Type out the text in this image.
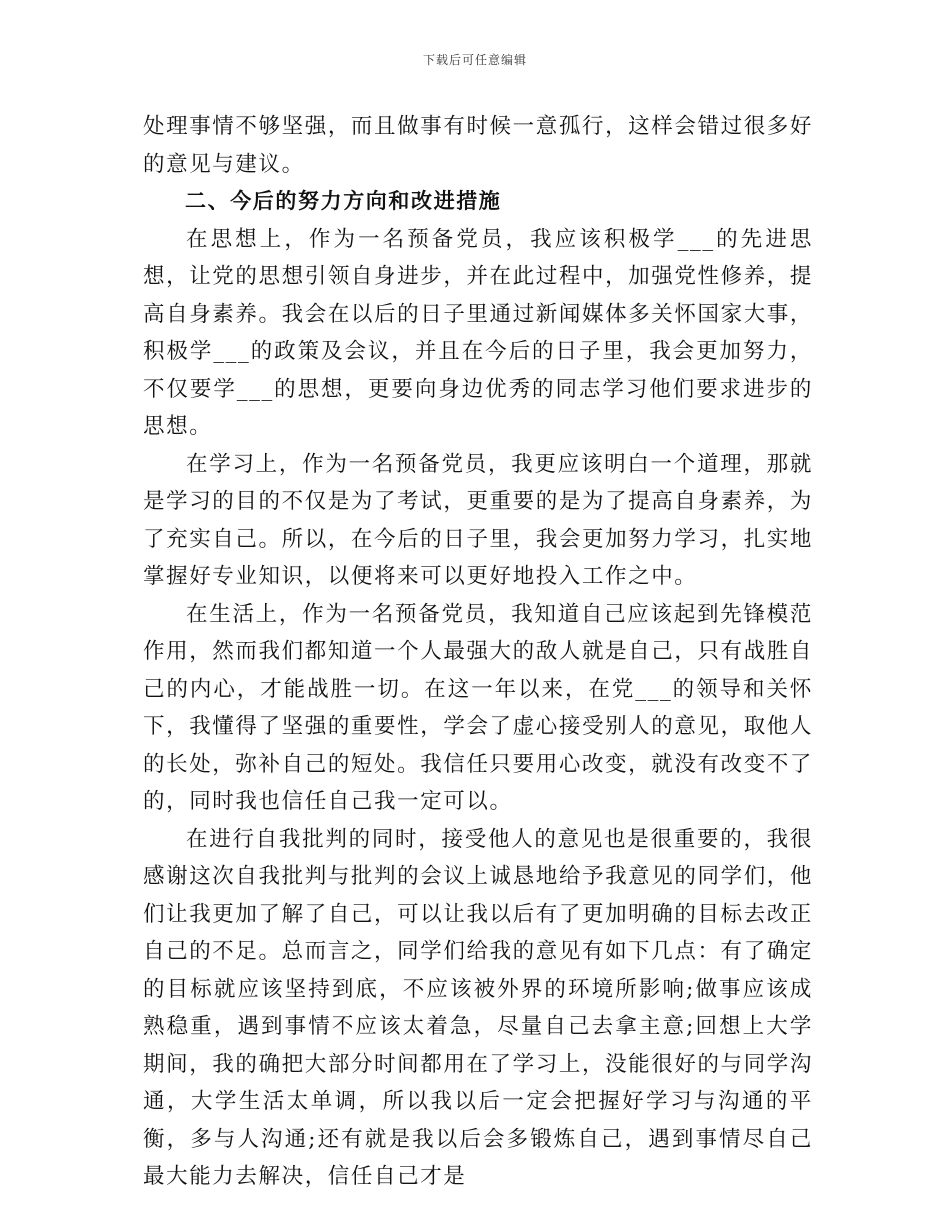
下载后可任意编辑

处理事情不够坚强，而且做事有时候一意孤行，这样会错过很多好的意见与建议。

二、今后的努力方向和改进措施

在思想上，作为一名预备党员，我应该积极学___的先进思想，让党的思想引领自身进步，并在此过程中，加强党性修养，提高自身素养。我会在以后的日子里通过新闻媒体多关怀国家大事，积极学___的政策及会议，并且在今后的日子里，我会更加努力，不仅要学___的思想，更要向身边优秀的同志学习他们要求进步的思想。

在学习上，作为一名预备党员，我更应该明白一个道理，那就是学习的目的不仅是为了考试，更重要的是为了提高自身素养，为了充实自己。所以，在今后的日子里，我会更加努力学习，扎实地掌握好专业知识，以便将来可以更好地投入工作之中。

在生活上，作为一名预备党员，我知道自己应该起到先锋模范作用，然而我们都知道一个人最强大的敌人就是自己，只有战胜自己的内心，才能战胜一切。在这一年以来，在党___的领导和关怀下，我懂得了坚强的重要性，学会了虚心接受别人的意见，取他人的长处，弥补自己的短处。我信任只要用心改变，就没有改变不了的，同时我也信任自己我一定可以。

在进行自我批判的同时，接受他人的意见也是很重要的，我很感谢这次自我批判与批判的会议上诚恳地给予我意见的同学们，他们让我更加了解了自己，可以让我以后有了更加明确的目标去改正自己的不足。总而言之，同学们给我的意见有如下几点：有了确定的目标就应该坚持到底，不应该被外界的环境所影响;做事应该成熟稳重，遇到事情不应该太着急，尽量自己去拿主意;回想上大学期间，我的确把大部分时间都用在了学习上，没能很好的与同学沟通，大学生活太单调，所以我以后一定会把握好学习与沟通的平衡，多与人沟通;还有就是我以后会多锻炼自己，遇到事情尽自己最大能力去解决，信任自己才是
